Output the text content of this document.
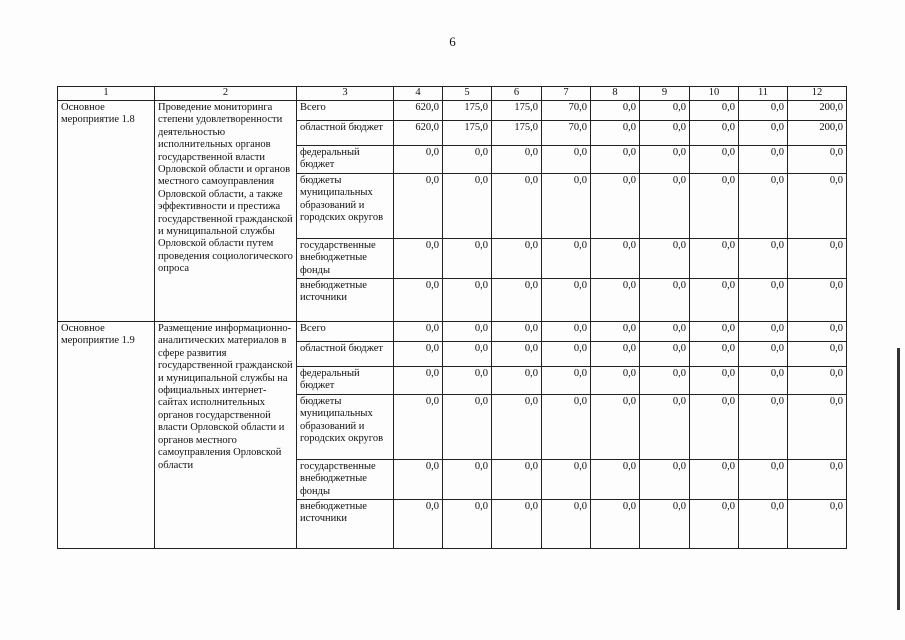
6
1	2	3	4	5	6	7	8	9	10	11	12
Основное мероприятие 1.8	Проведение мониторинга степени удовлетворенности деятельностью исполнительных органов государственной власти Орловской области и органов местного самоуправления Орловской области, а также эффективности и престижа государственной гражданской и муниципальной службы Орловской области путем проведения социологического опроса	Всего	620,0	175,0	175,0	70,0	0,0	0,0	0,0	0,0	200,0
		областной бюджет	620,0	175,0	175,0	70,0	0,0	0,0	0,0	0,0	200,0
		федеральный бюджет	0,0	0,0	0,0	0,0	0,0	0,0	0,0	0,0	0,0
		бюджеты муниципальных образований и городских округов	0,0	0,0	0,0	0,0	0,0	0,0	0,0	0,0	0,0
		государственные внебюджетные фонды	0,0	0,0	0,0	0,0	0,0	0,0	0,0	0,0	0,0
		внебюджетные источники	0,0	0,0	0,0	0,0	0,0	0,0	0,0	0,0	0,0
Основное мероприятие 1.9	Размещение информационно-аналитических материалов в сфере развития государственной гражданской и муниципальной службы на официальных интернет-сайтах исполнительных органов государственной власти Орловской области и органов местного самоуправления Орловской области	Всего	0,0	0,0	0,0	0,0	0,0	0,0	0,0	0,0	0,0
		областной бюджет	0,0	0,0	0,0	0,0	0,0	0,0	0,0	0,0	0,0
		федеральный бюджет	0,0	0,0	0,0	0,0	0,0	0,0	0,0	0,0	0,0
		бюджеты муниципальных образований и городских округов	0,0	0,0	0,0	0,0	0,0	0,0	0,0	0,0	0,0
		государственные внебюджетные фонды	0,0	0,0	0,0	0,0	0,0	0,0	0,0	0,0	0,0
		внебюджетные источники	0,0	0,0	0,0	0,0	0,0	0,0	0,0	0,0	0,0
